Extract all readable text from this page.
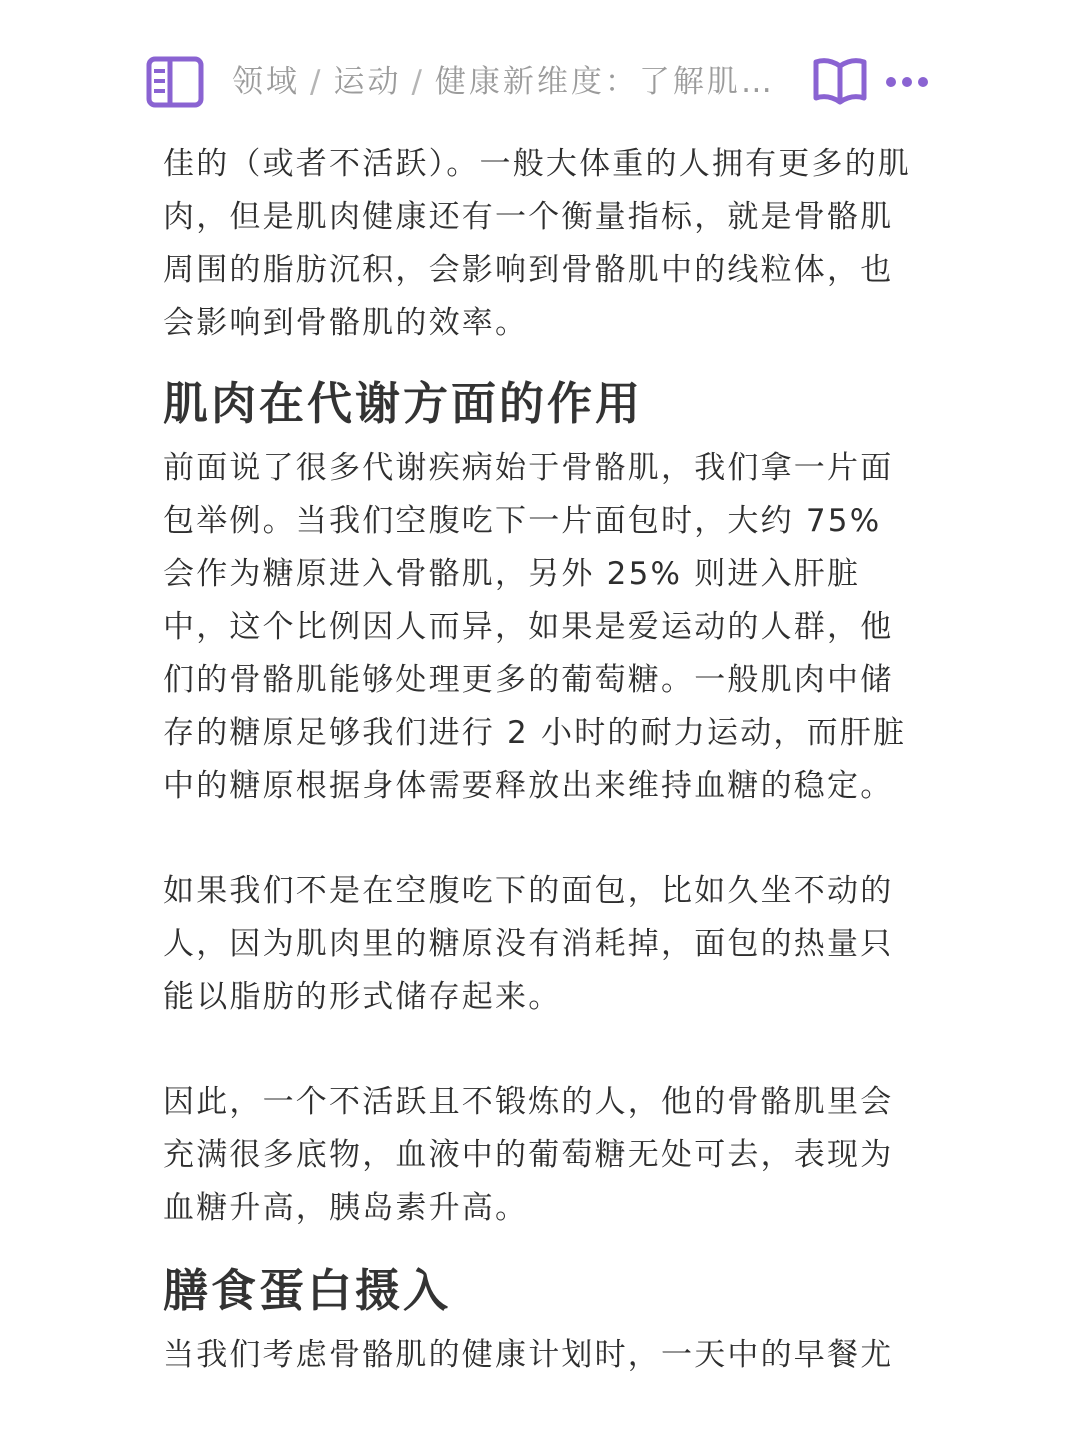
领域 / 运动 / 健康新维度：了解肌…

佳的（或者不活跃）。一般大体重的人拥有更多的肌肉，但是肌肉健康还有一个衡量指标，就是骨骼肌周围的脂肪沉积，会影响到骨骼肌中的线粒体，也会影响到骨骼肌的效率。

肌肉在代谢方面的作用

前面说了很多代谢疾病始于骨骼肌，我们拿一片面包举例。当我们空腹吃下一片面包时，大约 75% 会作为糖原进入骨骼肌，另外 25% 则进入肝脏中，这个比例因人而异，如果是爱运动的人群，他们的骨骼肌能够处理更多的葡萄糖。一般肌肉中储存的糖原足够我们进行 2 小时的耐力运动，而肝脏中的糖原根据身体需要释放出来维持血糖的稳定。

如果我们不是在空腹吃下的面包，比如久坐不动的人，因为肌肉里的糖原没有消耗掉，面包的热量只能以脂肪的形式储存起来。

因此，一个不活跃且不锻炼的人，他的骨骼肌里会充满很多底物，血液中的葡萄糖无处可去，表现为血糖升高，胰岛素升高。

膳食蛋白摄入

当我们考虑骨骼肌的健康计划时，一天中的早餐尤
